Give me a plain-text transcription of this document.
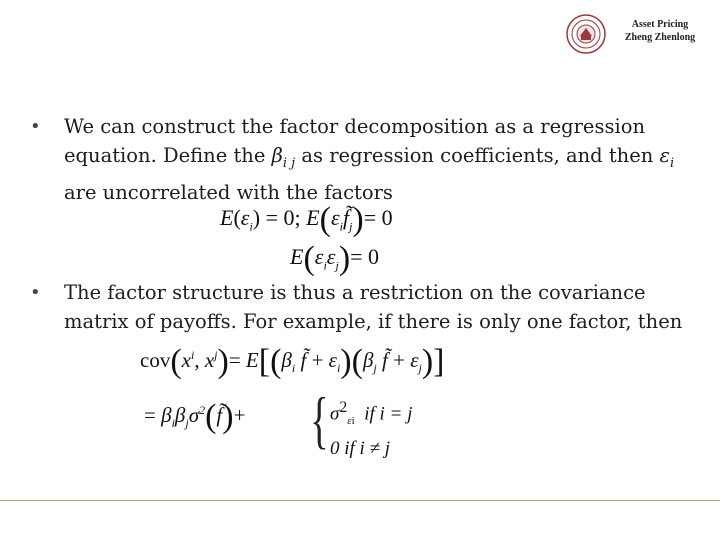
Asset Pricing
Zheng Zhenlong
• We can construct the factor decomposition as a regression equation. Define the $\beta_{i j}$ as regression coefficients, and then $\varepsilon_i$
are uncorrelated with the factors
$E(\varepsilon_i) = 0$; $E(\varepsilon_if̃_j)= 0$
$E(\varepsilon_i\varepsilon_j)= 0$
• The factor structure is thus a restriction on the covariance matrix of payoffs. For example, if there is only one factor, then
$cov(x^i$, $x^j)= E[(\beta_i$ f̃ + $\varepsilon_i)(\beta_j$ f̃ + $\varepsilon_j$)]
= $\beta_i\beta_j\sigma^2(f̃)+$ { $\sigma^2_{\varepsilon i}$ if i = j
0 if i ≠ j
